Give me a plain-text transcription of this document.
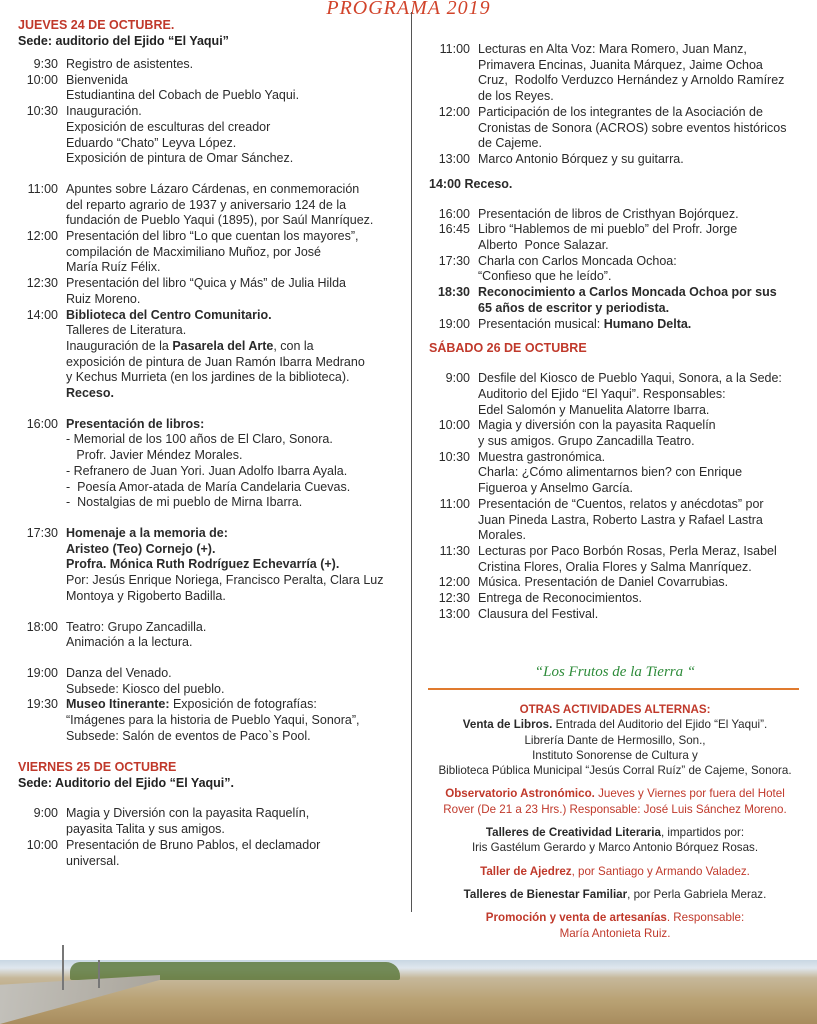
PROGRAMA 2019
JUEVES 24 DE OCTUBRE.
Sede: auditorio del Ejido “El Yaqui”
9:30 Registro de asistentes.
10:00 Bienvenida
Estudiantina del Cobach de Pueblo Yaqui.
10:30 Inauguración.
Exposición de esculturas del creador
Eduardo “Chato” Leyva López.
Exposición de pintura de Omar Sánchez.
11:00 Apuntes sobre Lázaro Cárdenas, en conmemoración
del reparto agrario de 1937 y aniversario 124 de la
fundación de Pueblo Yaqui (1895), por Saúl Manríquez.
12:00 Presentación del libro “Lo que cuentan los mayores”,
compilación de Macximiliano Muñoz, por José
María Ruíz Félix.
12:30 Presentación del libro “Quica y Más” de Julia Hilda
Ruiz Moreno.
14:00 Biblioteca del Centro Comunitario.
Talleres de Literatura.
Inauguración de la Pasarela del Arte, con la
exposición de pintura de Juan Ramón Ibarra Medrano
y Kechus Murrieta (en los jardines de la biblioteca).
Receso.
16:00 Presentación de libros:
- Memorial de los 100 años de El Claro, Sonora.
Profr. Javier Méndez Morales.
- Refranero de Juan Yori. Juan Adolfo Ibarra Ayala.
-  Poesía Amor-atada de María Candelaria Cuevas.
-  Nostalgias de mi pueblo de Mirna Ibarra.
17:30 Homenaje a la memoria de:
Aristeo (Teo) Cornejo (+).
Profra. Mónica Ruth Rodríguez Echevarría (+).
Por: Jesús Enrique Noriega, Francisco Peralta, Clara Luz
Montoya y Rigoberto Badilla.
18:00 Teatro: Grupo Zancadilla.
Animación a la lectura.
19:00 Danza del Venado.
Subsede: Kiosco del pueblo.
19:30 Museo Itinerante: Exposición de fotografías:
“Imágenes para la historia de Pueblo Yaqui, Sonora”,
Subsede: Salón de eventos de Paco`s Pool.
VIERNES 25 DE OCTUBRE
Sede: Auditorio del Ejido “El Yaqui”.
9:00 Magia y Diversión con la payasita Raquelín,
payasita Talita y sus amigos.
10:00 Presentación de Bruno Pablos, el declamador
universal.
11:00 Lecturas en Alta Voz: Mara Romero, Juan Manz,
Primavera Encinas, Juanita Márquez, Jaime Ochoa
Cruz,  Rodolfo Verduzco Hernández y Arnoldo Ramírez
de los Reyes.
12:00 Participación de los integrantes de la Asociación de
Cronistas de Sonora (ACROS) sobre eventos históricos
de Cajeme.
13:00 Marco Antonio Bórquez y su guitarra.
14:00 Receso.
16:00 Presentación de libros de Cristhyan Bojórquez.
16:45 Libro “Hablemos de mi pueblo” del Profr. Jorge
Alberto  Ponce Salazar.
17:30 Charla con Carlos Moncada Ochoa:
“Confieso que he leído”.
18:30 Reconocimiento a Carlos Moncada Ochoa por sus
65 años de escritor y periodista.
19:00 Presentación musical: Humano Delta.
SÁBADO 26 DE OCTUBRE
9:00 Desfile del Kiosco de Pueblo Yaqui, Sonora, a la Sede:
Auditorio del Ejido “El Yaqui”. Responsables:
Edel Salomón y Manuelita Alatorre Ibarra.
10:00 Magia y diversión con la payasita Raquelín
y sus amigos. Grupo Zancadilla Teatro.
10:30 Muestra gastronómica.
Charla: ¿Cómo alimentarnos bien? con Enrique
Figueroa y Anselmo García.
11:00 Presentación de “Cuentos, relatos y anécdotas” por
Juan Pineda Lastra, Roberto Lastra y Rafael Lastra
Morales.
11:30 Lecturas por Paco Borbón Rosas, Perla Meraz, Isabel
Cristina Flores, Oralia Flores y Salma Manríquez.
12:00 Música. Presentación de Daniel Covarrubias.
12:30 Entrega de Reconocimientos.
13:00 Clausura del Festival.
“Los Frutos de la Tierra “
OTRAS ACTIVIDADES ALTERNAS:
Venta de Libros. Entrada del Auditorio del Ejido “El Yaqui”.
Librería Dante de Hermosillo, Son.,
Instituto Sonorense de Cultura y
Biblioteca Pública Municipal “Jesús Corral Ruíz” de Cajeme, Sonora.
Observatorio Astronómico. Jueves y Viernes por fuera del Hotel
Rover (De 21 a 23 Hrs.) Responsable: José Luis Sánchez Moreno.
Talleres de Creatividad Literaria, impartidos por:
Iris Gastélum Gerardo y Marco Antonio Bórquez Rosas.
Taller de Ajedrez, por Santiago y Armando Valadez.
Talleres de Bienestar Familiar, por Perla Gabriela Meraz.
Promoción y venta de artesanías. Responsable:
María Antonieta Ruiz.
